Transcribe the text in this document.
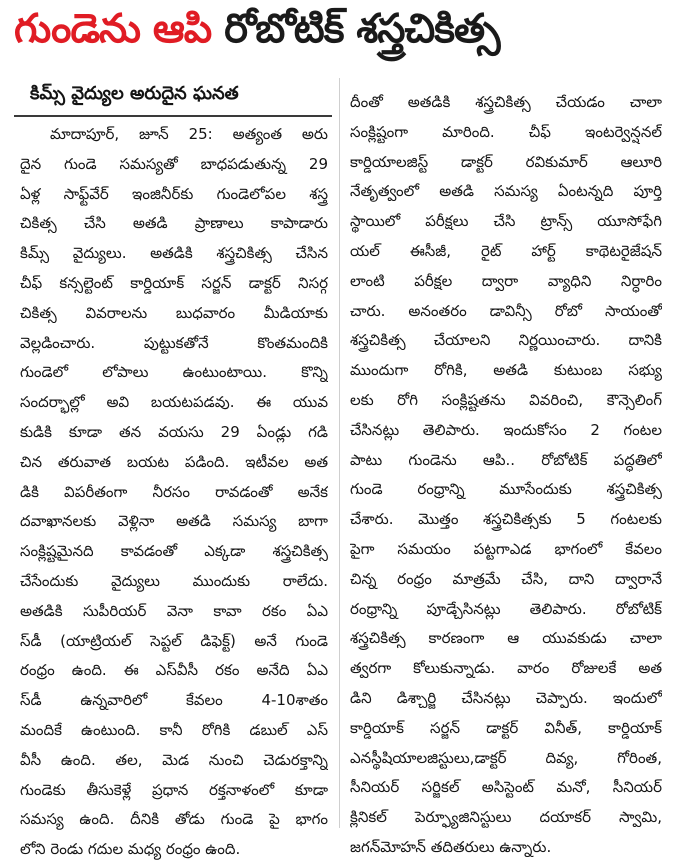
గుండెను ఆపి
రోబోటిక్ శస్త్రచికిత్స
కిమ్స్ వైద్యుల అరుదైన ఘనత
మాదాపూర్, జూన్ 25: అత్యంత అరు
దైన గుండె సమస్యతో బాధపడుతున్న 29
ఏళ్ల సాఫ్ట్‌వేర్ ఇంజినీర్‌కు గుండెలోపల శస్త్ర
చికిత్స చేసి అతడి ప్రాణాలు కాపాడారు
కిమ్స్ వైద్యులు. అతడికి శస్త్రచికిత్స చేసిన
చీఫ్ కన్సల్టెంట్ కార్డియాక్ సర్జన్ డాక్టర్ నిసర్గ
చికిత్స వివరాలను బుధవారం మీడియాకు
వెల్లడించారు. పుట్టుకతోనే కొంతమందికి
గుండెలో లోపాలు ఉంటుంటాయి. కొన్ని
సందర్భాల్లో అవి బయటపడవు. ఈ యువ
కుడికి కూడా తన వయసు 29 ఏండ్లు గడి
చిన తరువాత బయట పడింది. ఇటీవల అత
డికి విపరీతంగా నీరసం రావడంతో అనేక
దవాఖానలకు వెళ్లినా అతడి సమస్య బాగా
సంక్లిష్టమైనది కావడంతో ఎక్కడా శస్త్రచికిత్స
చేసేందుకు వైద్యులు ముందుకు రాలేదు.
అతడికి సుపీరియర్ వెనా కావా రకం ఏఎ
స్‌డీ (యాట్రియల్ సెప్టల్ డిఫెక్ట్) అనే గుండె
రంధ్రం ఉంది. ఈ ఎస్‌వీసీ రకం అనేది ఏఎ
స్‌డీ ఉన్నవారిలో కేవలం 4-10శాతం
మందికే ఉంటుంది. కానీ రోగికి డబుల్ ఎస్
వీసీ ఉంది. తల, మెడ నుంచి చెడురక్తాన్ని
గుండెకు తీసుకెళ్లే ప్రధాన రక్తనాళంలో కూడా
సమస్య ఉంది. దీనికి తోడు గుండె పై భాగం
లోని రెండు గదుల మధ్య రంధ్రం ఉంది.
దీంతో అతడికి శస్త్రచికిత్స చేయడం చాలా
సంక్లిష్టంగా మారింది. చీఫ్ ఇంటర్వెన్షనల్
కార్డియాలజిస్ట్ డాక్టర్ రవికుమార్ ఆలూరి
నేతృత్వంలో అతడి సమస్య ఏంటన్నది పూర్తి
స్థాయిలో పరీక్షలు చేసి ట్రాన్స్ యూసోఫేగి
యల్ ఈసీజీ, రైట్ హార్ట్ కాథెటరైజేషన్
లాంటి పరీక్షల ద్వారా వ్యాధిని నిర్ధారిం
చారు. అనంతరం డావిన్సీ రోబో సాయంతో
శస్త్రచికిత్స చేయాలని నిర్ణయించారు. దానికి
ముందుగా రోగికి, అతడి కుటుంబ సభ్యు
లకు రోగి సంక్లిష్టతను వివరించి, కౌన్సెలింగ్
చేసినట్లు తెలిపారు. ఇందుకోసం 2 గంటల
పాటు గుండెను ఆపి.. రోబోటిక్ పద్ధతిలో
గుండె రంధ్రాన్ని మూసేందుకు శస్త్రచికిత్స
చేశారు. మొత్తం శస్త్రచికిత్సకు 5 గంటలకు
పైగా సమయం పట్టగాఎడ భాగంలో కేవలం
చిన్న రంధ్రం మాత్రమే చేసి, దాని ద్వారానే
రంధ్రాన్ని పూడ్చేసినట్లు తెలిపారు. రోబోటిక్
శస్త్రచికిత్స కారణంగా ఆ యువకుడు చాలా
త్వరగా కోలుకున్నాడు. వారం రోజులకే అత
డిని డిశ్చార్జి చేసినట్లు చెప్పారు. ఇందులో
కార్డియాక్ సర్జన్ డాక్టర్ వినీత్, కార్డియాక్
ఎనస్థీషియాలజిస్టులు,డాక్టర్ దివ్య, గోరింత,
సీనియర్ సర్జికల్ అసిస్టెంట్ మనో, సీనియర్
క్లినికల్ పెర్ఫ్యూజినిస్టులు దయాకర్ స్వామి,
జగన్‌మోహన్ తదితరులు ఉన్నారు.
